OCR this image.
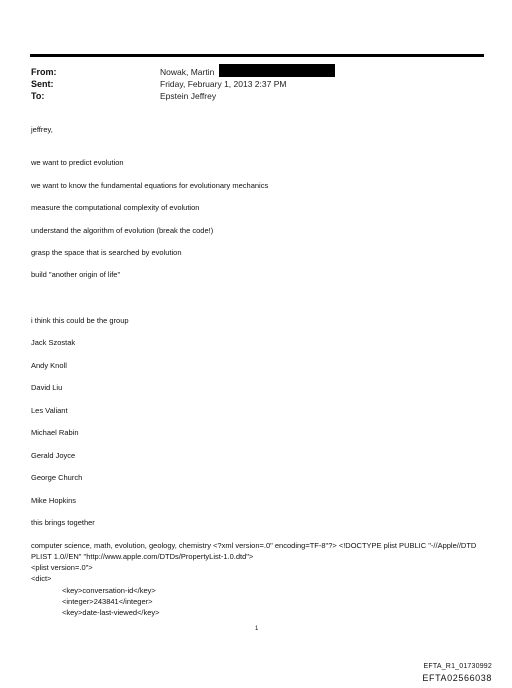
From:	Nowak, Martin
Sent:	Friday, February 1, 2013 2:37 PM
To:	Epstein Jeffrey
jeffrey,
we want to predict evolution
we want to know the fundamental equations for evolutionary mechanics
measure the computational complexity of evolution
understand the algorithm of evolution (break the code!)
grasp the space that is searched by evolution
build "another origin of life"
i think this could be the group
Jack Szostak
Andy Knoll
David Liu
Les Valiant
Michael Rabin
Gerald Joyce
George Church
Mike Hopkins
this brings together
computer science, math, evolution, geology, chemistry <?xml version=.0" encoding=TF-8"?> <!DOCTYPE plist PUBLIC "-//Apple//DTD PLIST 1.0//EN" "http://www.apple.com/DTDs/PropertyList-1.0.dtd">
<plist version=.0">
<dict>
<key>conversation-id</key>
<integer>243841</integer>
<key>date-last-viewed</key>
1
EFTA_R1_01730992
EFTA02566038
